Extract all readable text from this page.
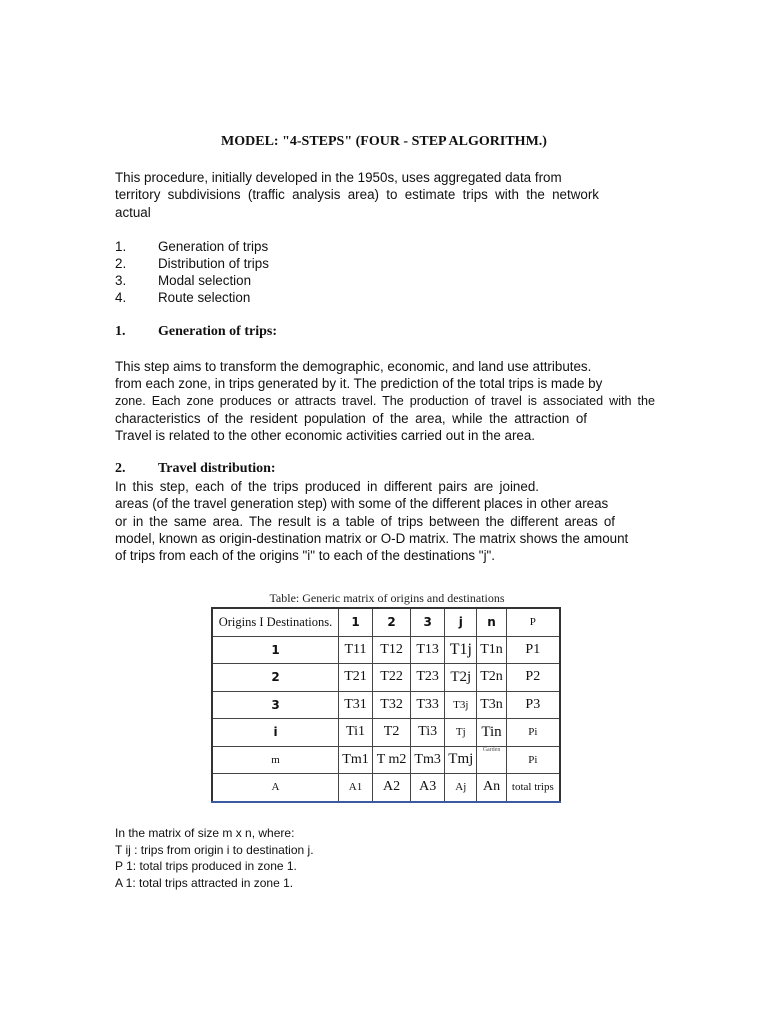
MODEL: "4-STEPS" (FOUR - STEP ALGORITHM.)

This procedure, initially developed in the 1950s, uses aggregated data from
territory subdivisions (traffic analysis area) to estimate trips with the network
actual

1.	Generation of trips
2.	Distribution of trips
3.	Modal selection
4.	Route selection
1.	Generation of trips:

This step aims to transform the demographic, economic, and land use attributes.
from each zone, in trips generated by it. The prediction of the total trips is made by
zone. Each zone produces or attracts travel. The production of travel is associated with the
characteristics of the resident population of the area, while the attraction of
Travel is related to the other economic activities carried out in the area.

2.	Travel distribution:

In this step, each of the trips produced in different pairs are joined.
areas (of the travel generation step) with some of the different places in other areas
or in the same area. The result is a table of trips between the different areas of
model, known as origin-destination matrix or O-D matrix. The matrix shows the amount
of trips from each of the origins "i" to each of the destinations "j".

Table: Generic matrix of origins and destinations
Origins I Destinations.	1	2	3	j	n	P
1	T11	T12	T13	T1j	T1n	P1
2	T21	T22	T23	T2j	T2n	P2
3	T31	T32	T33	T3j	T3n	P3
i	Ti1	T2	Ti3	Tj	Tin	Pi
m	Tm1	T m2	Tm3	Tmj	Garden	Pi
A	A1	A2	A3	Aj	An	total trips

In the matrix of size m x n, where:
T ij : trips from origin i to destination j.
P 1: total trips produced in zone 1.
A 1: total trips attracted in zone 1.
